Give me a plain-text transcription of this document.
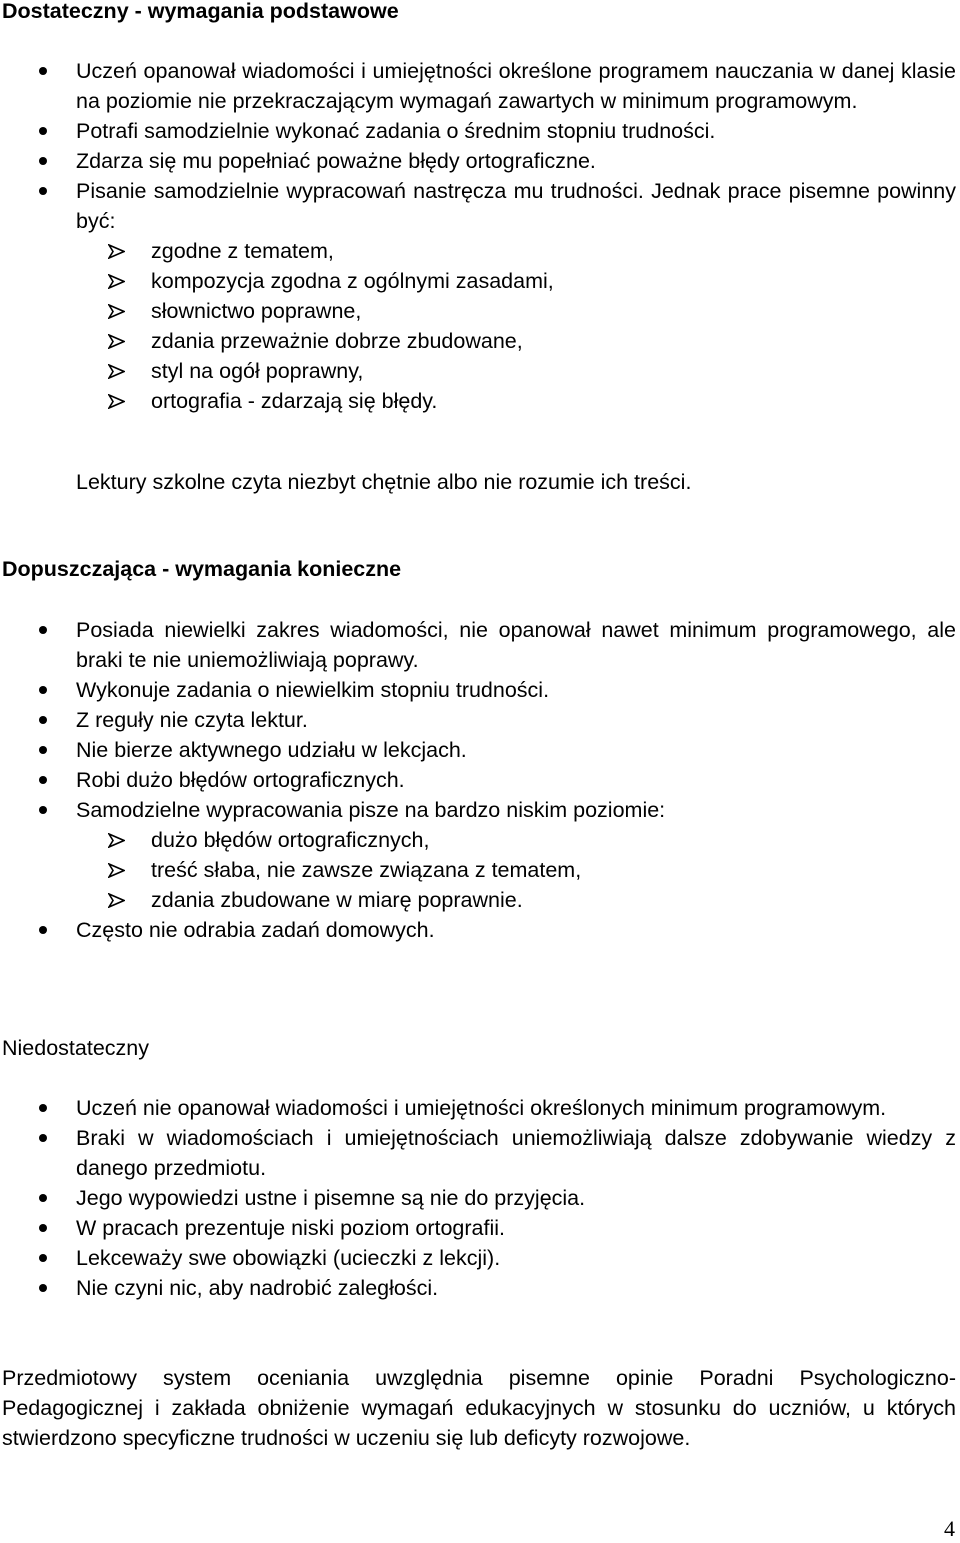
Dostateczny - wymagania podstawowe
Uczeń opanował wiadomości i umiejętności określone programem nauczania w danej klasie na poziomie nie przekraczającym wymagań zawartych w minimum programowym.
Potrafi samodzielnie wykonać zadania o średnim stopniu trudności.
Zdarza się mu popełniać poważne błędy ortograficzne.
Pisanie samodzielnie wypracowań nastręcza mu trudności. Jednak prace pisemne powinny być:
zgodne z tematem,
kompozycja zgodna z ogólnymi zasadami,
słownictwo poprawne,
zdania przeważnie dobrze zbudowane,
styl na ogół poprawny,
ortografia - zdarzają się błędy.
Lektury szkolne czyta niezbyt chętnie albo nie rozumie ich treści.
Dopuszczająca - wymagania konieczne
Posiada niewielki zakres wiadomości, nie opanował nawet minimum programowego, ale braki te nie uniemożliwiają poprawy.
Wykonuje zadania o niewielkim stopniu trudności.
Z reguły nie czyta lektur.
Nie bierze aktywnego udziału w lekcjach.
Robi dużo błędów ortograficznych.
Samodzielne wypracowania pisze na bardzo niskim poziomie:
dużo błędów ortograficznych,
treść słaba, nie zawsze związana z tematem,
zdania zbudowane w miarę poprawnie.
Często nie odrabia zadań domowych.
Niedostateczny
Uczeń nie opanował wiadomości i umiejętności określonych minimum programowym.
Braki w wiadomościach i umiejętnościach uniemożliwiają dalsze zdobywanie wiedzy z danego przedmiotu.
Jego wypowiedzi ustne i pisemne są nie do przyjęcia.
W pracach prezentuje niski poziom ortografii.
Lekceważy swe obowiązki (ucieczki z lekcji).
Nie czyni nic, aby nadrobić zaległości.

Przedmiotowy system oceniania uwzględnia pisemne opinie Poradni Psychologiczno-Pedagogicznej i zakłada obniżenie wymagań edukacyjnych w stosunku do uczniów, u których stwierdzono specyficzne trudności w uczeniu się lub deficyty rozwojowe.

4
